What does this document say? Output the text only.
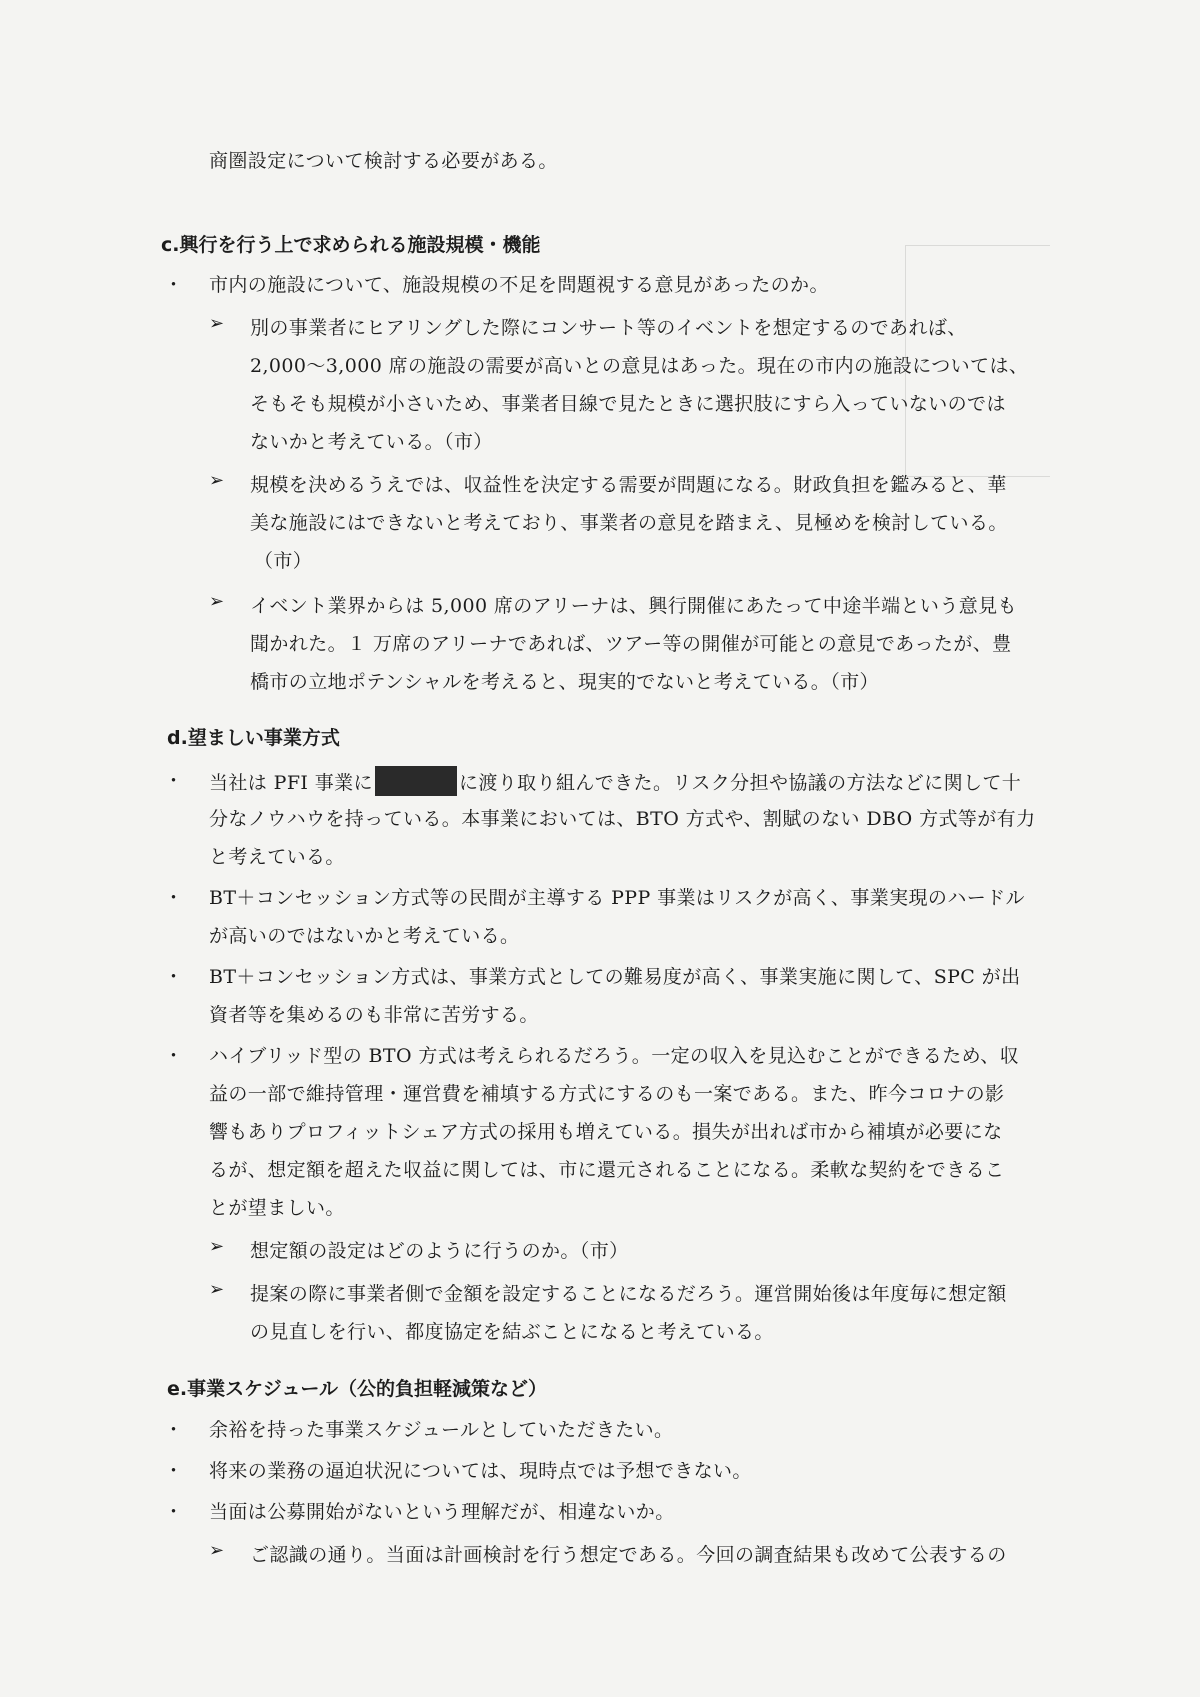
商圏設定について検討する必要がある。
c.興行を行う上で求められる施設規模・機能
・ 市内の施設について、施設規模の不足を問題視する意見があったのか。
➢ 別の事業者にヒアリングした際にコンサート等のイベントを想定するのであれば、
2,000～3,000 席の施設の需要が高いとの意見はあった。現在の市内の施設については、
そもそも規模が小さいため、事業者目線で見たときに選択肢にすら入っていないのでは
ないかと考えている。（市）
➢ 規模を決めるうえでは、収益性を決定する需要が問題になる。財政負担を鑑みると、華
美な施設にはできないと考えており、事業者の意見を踏まえ、見極めを検討している。
（市）
➢ イベント業界からは 5,000 席のアリーナは、興行開催にあたって中途半端という意見も
聞かれた。１ 万席のアリーナであれば、ツアー等の開催が可能との意見であったが、豊
橋市の立地ポテンシャルを考えると、現実的でないと考えている。（市）
d.望ましい事業方式
・ 当社は PFI 事業に	に渡り取り組んできた。リスク分担や協議の方法などに関して十
分なノウハウを持っている。本事業においては、BTO 方式や、割賦のない DBO 方式等が有力
と考えている。
・ BT＋コンセッション方式等の民間が主導する PPP 事業はリスクが高く、事業実現のハードル
が高いのではないかと考えている。
・ BT＋コンセッション方式は、事業方式としての難易度が高く、事業実施に関して、SPC が出
資者等を集めるのも非常に苦労する。
・ ハイブリッド型の BTO 方式は考えられるだろう。一定の収入を見込むことができるため、収
益の一部で維持管理・運営費を補填する方式にするのも一案である。また、昨今コロナの影
響もありプロフィットシェア方式の採用も増えている。損失が出れば市から補填が必要にな
るが、想定額を超えた収益に関しては、市に還元されることになる。柔軟な契約をできるこ
とが望ましい。
➢ 想定額の設定はどのように行うのか。（市）
➢ 提案の際に事業者側で金額を設定することになるだろう。運営開始後は年度毎に想定額
の見直しを行い、都度協定を結ぶことになると考えている。
e.事業スケジュール（公的負担軽減策など）
・ 余裕を持った事業スケジュールとしていただきたい。
・ 将来の業務の逼迫状況については、現時点では予想できない。
・ 当面は公募開始がないという理解だが、相違ないか。
➢ ご認識の通り。当面は計画検討を行う想定である。今回の調査結果も改めて公表するの
